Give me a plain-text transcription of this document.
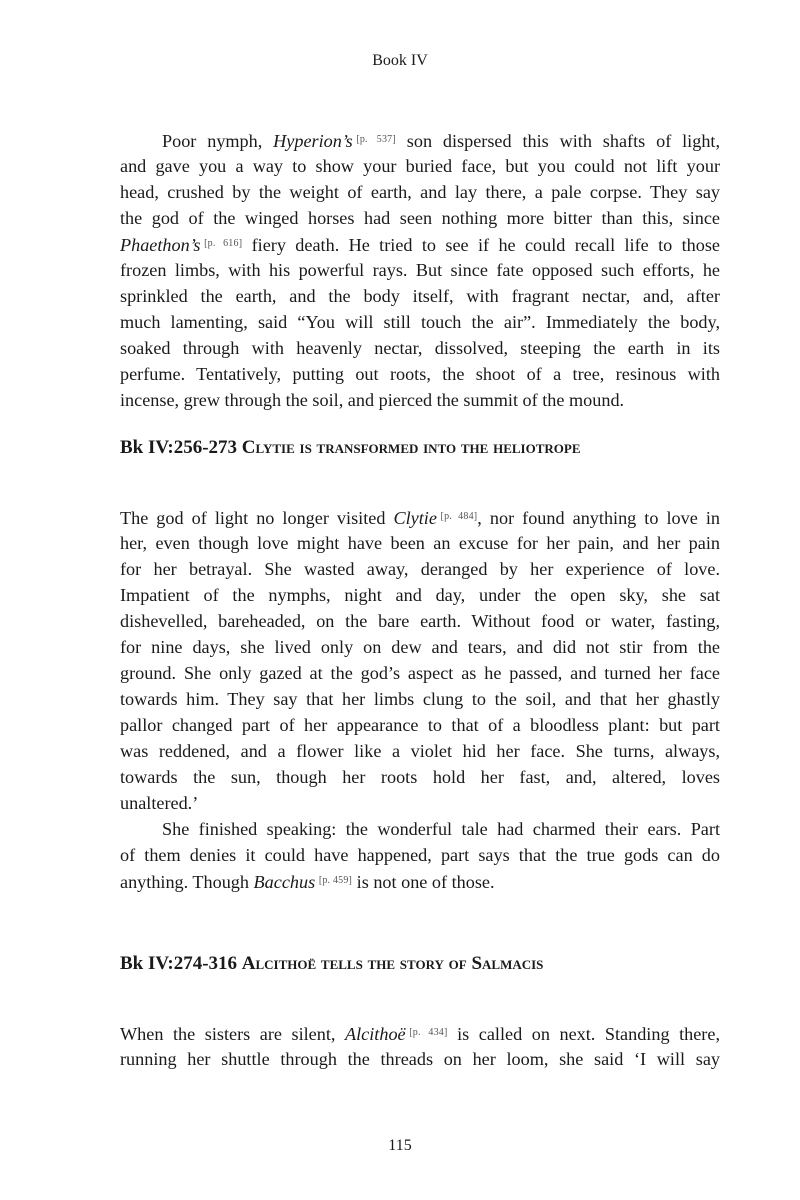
Book IV
Poor nymph, Hyperion’s  [p. 537] son dispersed this with shafts of light,
and gave you a way to show your buried face, but you could not lift your
head, crushed by the weight of earth, and lay there, a pale corpse. They say
the god of the winged horses had seen nothing more bitter than this, since
Phaethon’s  [p. 616] fiery death. He tried to see if he could recall life to those
frozen limbs, with his powerful rays. But since fate opposed such efforts, he
sprinkled the earth, and the body itself, with fragrant nectar, and, after
much lamenting, said “You will still touch the air”. Immediately the body,
soaked through with heavenly nectar, dissolved, steeping the earth in its
perfume. Tentatively, putting out roots, the shoot of a tree, resinous with
incense, grew through the soil, and pierced the summit of the mound.
Bk IV:256-273 Clytie is transformed into the heliotrope
The god of light no longer visited Clytie  [p. 484], nor found anything to love in
her, even though love might have been an excuse for her pain, and her pain
for her betrayal. She wasted away, deranged by her experience of love.
Impatient of the nymphs, night and day, under the open sky, she sat
dishevelled, bareheaded, on the bare earth. Without food or water, fasting,
for nine days, she lived only on dew and tears, and did not stir from the
ground. She only gazed at the god’s aspect as he passed, and turned her face
towards him. They say that her limbs clung to the soil, and that her ghastly
pallor changed part of her appearance to that of a bloodless plant: but part
was reddened, and a flower like a violet hid her face. She turns, always,
towards the sun, though her roots hold her fast, and, altered, loves
unaltered.’
She finished speaking: the wonderful tale had charmed their ears. Part
of them denies it could have happened, part says that the true gods can do
anything. Though Bacchus  [p. 459] is not one of those.
Bk IV:274-316 Alcithoë tells the story of Salmacis
When the sisters are silent, Alcithoë  [p. 434] is called on next. Standing there,
running her shuttle through the threads on her loom, she said ‘I will say
115
